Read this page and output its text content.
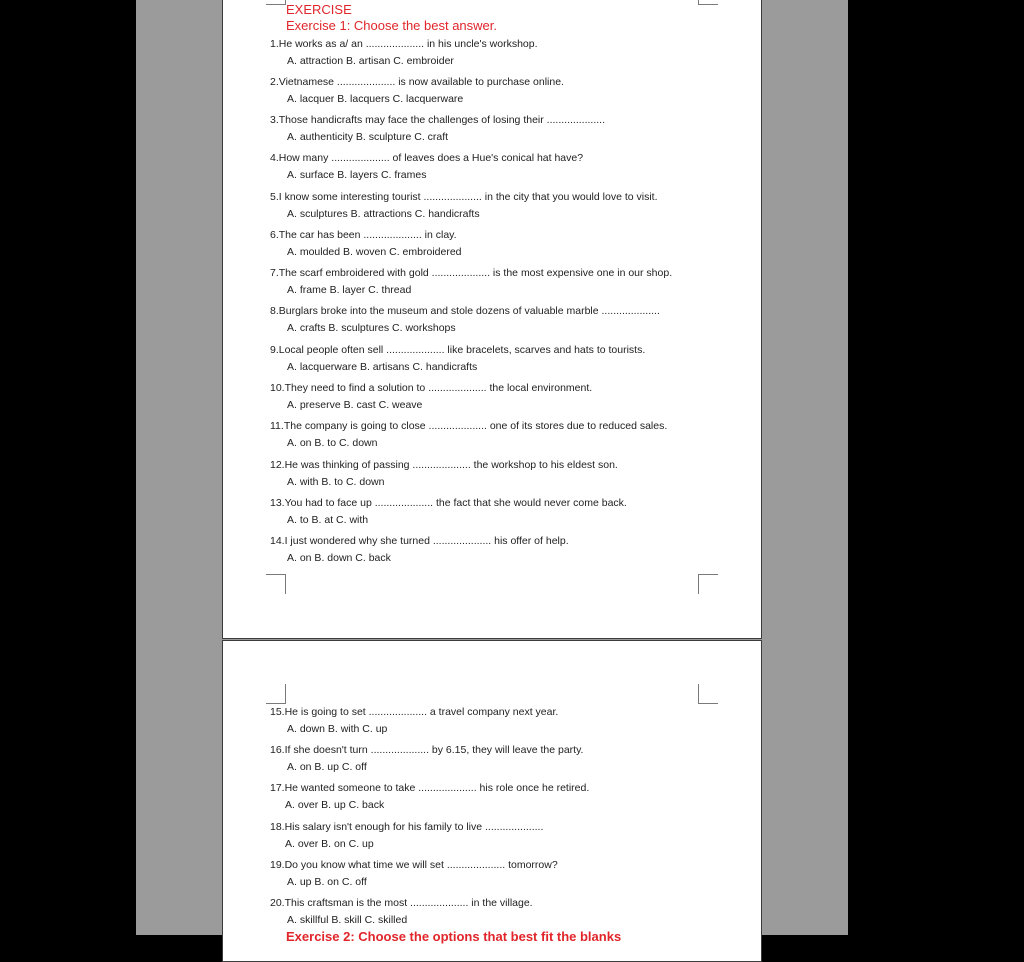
EXERCISE
Exercise 1: Choose the best answer.
1.He works as a/ an .................... in his uncle's workshop.
A. attraction B. artisan C. embroider
2.Vietnamese .................... is now available to purchase online.
A. lacquer B. lacquers C. lacquerware
3.Those handicrafts may face the challenges of losing their ....................
A. authenticity B. sculpture C. craft
4.How many .................... of leaves does a Hue's conical hat have?
A. surface B. layers C. frames
5.I know some interesting tourist .................... in the city that you would love to visit.
A. sculptures B. attractions C. handicrafts
6.The car has been .................... in clay.
A. moulded B. woven C. embroidered
7.The scarf embroidered with gold .................... is the most expensive one in our shop.
A. frame B. layer C. thread
8.Burglars broke into the museum and stole dozens of valuable marble ....................
A. crafts B. sculptures C. workshops
9.Local people often sell .................... like bracelets, scarves and hats to tourists.
A. lacquerware B. artisans C. handicrafts
10.They need to find a solution to .................... the local environment.
A. preserve B. cast C. weave
11.The company is going to close .................... one of its stores due to reduced sales.
A. on B. to C. down
12.He was thinking of passing .................... the workshop to his eldest son.
A. with B. to C. down
13.You had to face up .................... the fact that she would never come back.
A. to B. at C. with
14.I just wondered why she turned .................... his offer of help.
A. on B. down C. back
15.He is going to set .................... a travel company next year.
A. down B. with C. up
16.If she doesn't turn .................... by 6.15, they will leave the party.
A. on B. up C. off
17.He wanted someone to take .................... his role once he retired.
A. over B. up C. back
18.His salary isn't enough for his family to live ....................
A. over B. on C. up
19.Do you know what time we will set .................... tomorrow?
A. up B. on C. off
20.This craftsman is the most .................... in the village.
A. skillful B. skill C. skilled
Exercise 2: Choose the options that best fit the blanks
